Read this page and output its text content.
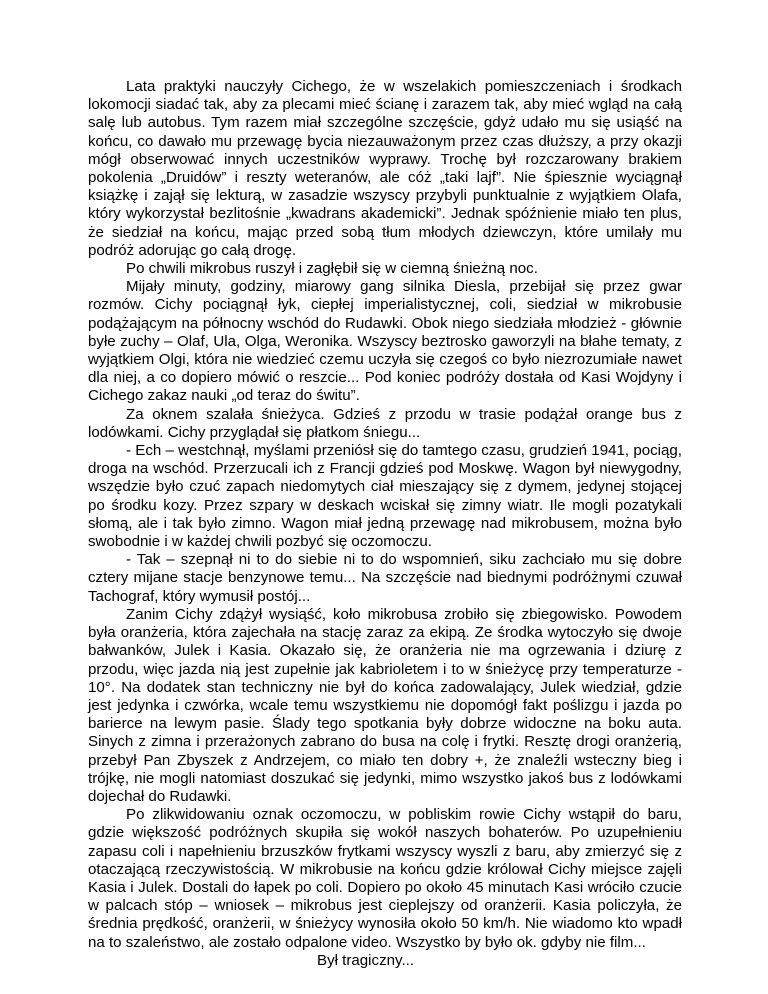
Lata praktyki nauczyły Cichego, że w wszelakich pomieszczeniach i środkach lokomocji siadać tak, aby za plecami mieć ścianę i zarazem tak, aby mieć wgląd na całą salę lub autobus. Tym razem miał szczególne szczęście, gdyż udało mu się usiąść na końcu, co dawało mu przewagę bycia niezauważonym przez czas dłuższy, a przy okazji mógł obserwować innych uczestników wyprawy. Trochę był rozczarowany brakiem pokolenia „Druidów” i reszty weteranów, ale cóż „taki lajf”. Nie śpiesznie wyciągnął książkę i zajął się lekturą, w zasadzie wszyscy przybyli punktualnie z wyjątkiem Olafa, który wykorzystał bezlitośnie „kwadrans akademicki”. Jednak spóźnienie miało ten plus, że siedział na końcu, mając przed sobą tłum młodych dziewczyn, które umilały mu podróż adorując go całą drogę.

Po chwili mikrobus ruszył i zagłębił się w ciemną śnieżną noc.

Mijały minuty, godziny, miarowy gang silnika Diesla, przebijał się przez gwar rozmów. Cichy pociągnął łyk, ciepłej imperialistycznej, coli, siedział w mikrobusie podążającym na północny wschód do Rudawki. Obok niego siedziała młodzież - głównie byłe zuchy – Olaf, Ula, Olga, Weronika. Wszyscy beztrosko gaworzyli na błahe tematy, z wyjątkiem Olgi, która nie wiedzieć czemu uczyła się czegoś co było niezrozumiałe nawet dla niej, a co dopiero mówić o reszcie... Pod koniec podróży dostała od Kasi Wojdyny i Cichego zakaz nauki „od teraz do świtu”.

Za oknem szalała śnieżyca. Gdzieś z przodu w trasie podążał orange bus z lodówkami. Cichy przyglądał się płatkom śniegu...

- Ech – westchnął, myślami przeniósł się do tamtego czasu, grudzień 1941, pociąg, droga na wschód. Przerzucali ich z Francji gdzieś pod Moskwę. Wagon był niewygodny, wszędzie było czuć zapach niedomytych ciał mieszający się z dymem, jedynej stojącej po środku kozy. Przez szpary w deskach wciskał się zimny wiatr. Ile mogli pozatykali słomą, ale i tak było zimno. Wagon miał jedną przewagę nad mikrobusem, można było swobodnie i w każdej chwili pozbyć się oczomoczu.

- Tak – szepnął ni to do siebie ni to do wspomnień, siku zachciało mu się dobre cztery mijane stacje benzynowe temu... Na szczęście nad biednymi podróżnymi czuwał Tachograf, który wymusił postój...

Zanim Cichy zdążył wysiąść, koło mikrobusa zrobiło się zbiegowisko. Powodem była oranżeria, która zajechała na stację zaraz za ekipą. Ze środka wytoczyło się dwoje bałwanków, Julek i Kasia. Okazało się, że oranżeria nie ma ogrzewania i dziurę z przodu, więc jazda nią jest zupełnie jak kabrioletem i to w śnieżycę przy temperaturze - 10°. Na dodatek stan techniczny nie był do końca zadowalający, Julek wiedział, gdzie jest jedynka i czwórka, wcale temu wszystkiemu nie dopomógł fakt poślizgu i jazda po barierce na lewym pasie. Ślady tego spotkania były dobrze widoczne na boku auta. Sinych z zimna i przerażonych zabrano do busa na colę i frytki. Resztę drogi oranżerią, przebył Pan Zbyszek z Andrzejem, co miało ten dobry +, że znaleźli wsteczny bieg i trójkę, nie mogli natomiast doszukać się jedynki, mimo wszystko jakoś bus z lodówkami dojechał do Rudawki.

Po zlikwidowaniu oznak oczomoczu, w pobliskim rowie Cichy wstąpił do baru, gdzie większość podróżnych skupiła się wokół naszych bohaterów. Po uzupełnieniu zapasu coli i napełnieniu brzuszków frytkami wszyscy wyszli z baru, aby zmierzyć się z otaczającą rzeczywistością. W mikrobusie na końcu gdzie królował Cichy miejsce zajęli Kasia i Julek. Dostali do łapek po coli. Dopiero po około 45 minutach Kasi wróciło czucie w palcach stóp – wniosek – mikrobus jest cieplejszy od oranżerii. Kasia policzyła, że średnia prędkość, oranżerii, w śnieżycy wynosiła około 50 km/h. Nie wiadomo kto wpadł na to szaleństwo, ale zostało odpalone video. Wszystko by było ok. gdyby nie film...

Był tragiczny...
